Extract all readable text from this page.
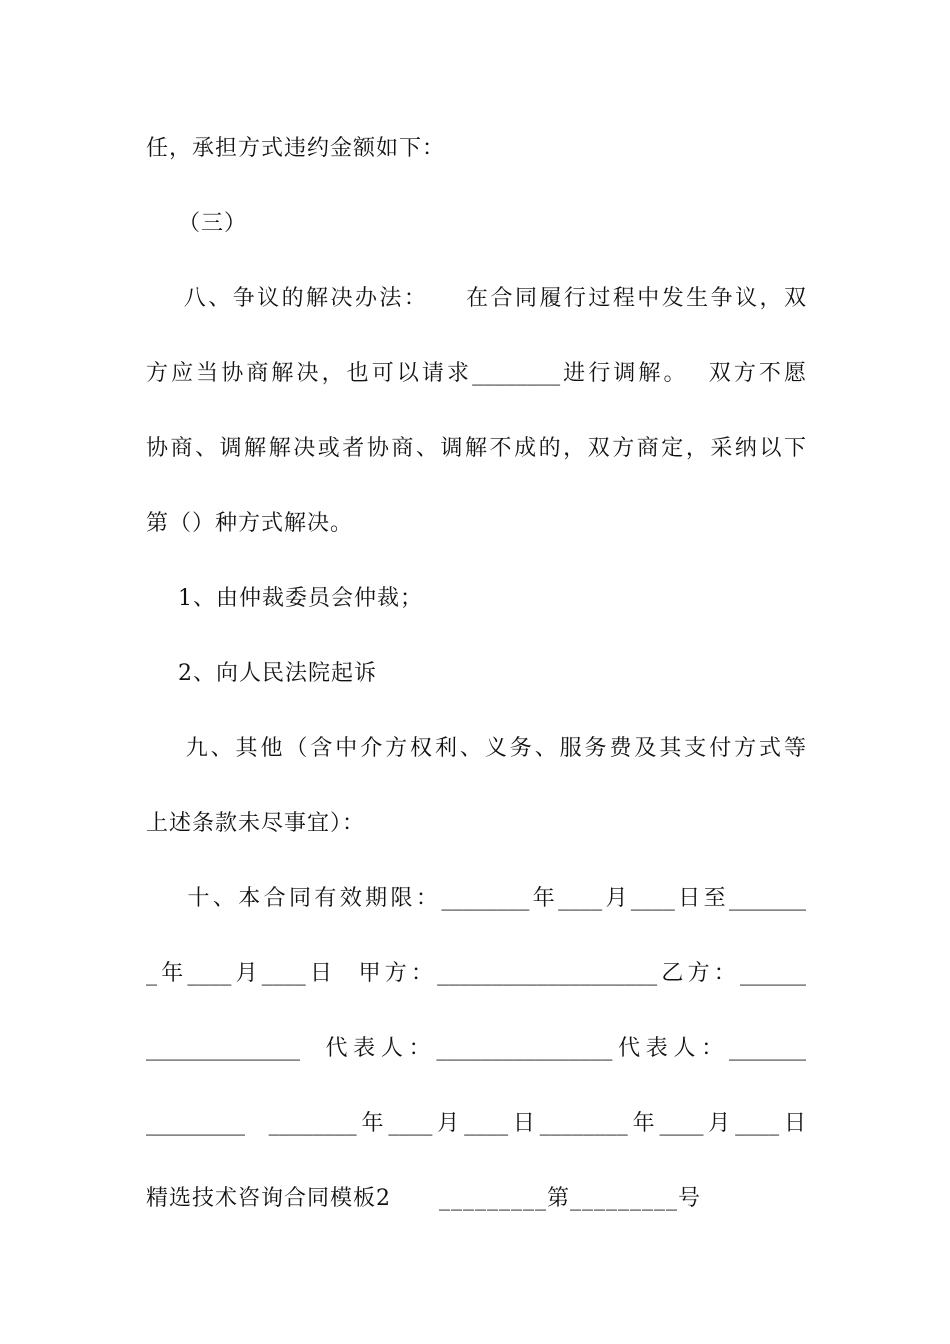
任，承担方式违约金额如下：
（三）
八、争议的解决办法：    在合同履行过程中发生争议，双
方应当协商解决，也可以请求________进行调解。  双方不愿
协商、调解解决或者协商、调解不成的，双方商定，采纳以下
第（）种方式解决。
1、由仲裁委员会仲裁；
2、向人民法院起诉
九、其他（含中介方权利、义务、服务费及其支付方式等
上述条款未尽事宜）：
十、本合同有效期限：________年____月____日至_______
_年____月____日  甲方：____________________乙方：______
______________  代表人：________________代表人：_______
_________  ________年____月____日________年____月____日
精选技术咨询合同模板2      _________第_________号
